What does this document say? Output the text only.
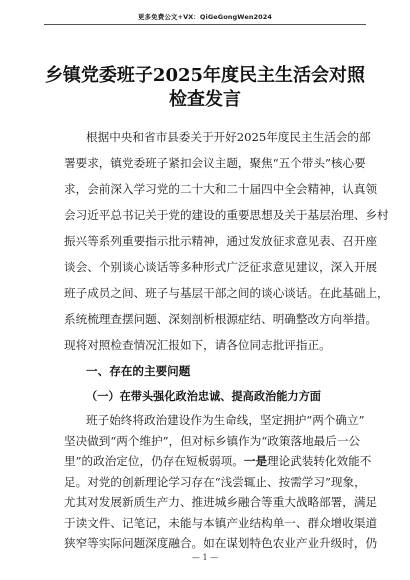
更多免费公文+VX：QiGeGongWen2024
乡镇党委班子2025年度民主生活会对照
检查发言
根据中央和省市县委关于开好2025年度民主生活会的部
署要求，镇党委班子紧扣会议主题，聚焦“五个带头”核心要
求，会前深入学习党的二十大和二十届四中全会精神，认真领
会习近平总书记关于党的建设的重要思想及关于基层治理、乡村
振兴等系列重要指示批示精神，通过发放征求意见表、召开座
谈会、个别谈心谈话等多种形式广泛征求意见建议，深入开展
班子成员之间、班子与基层干部之间的谈心谈话。在此基础上，
系统梳理查摆问题、深刻剖析根源症结、明确整改方向举措。
现将对照检查情况汇报如下，请各位同志批评指正。
一、存在的主要问题
（一）在带头强化政治忠诚、提高政治能力方面
班子始终将政治建设作为生命线，坚定拥护“两个确立”
坚决做到“两个维护”，但对标乡镇作为“政策落地最后一公
里”的政治定位，仍存在短板弱项。一是理论武装转化效能不
足。对党的创新理论学习存在“浅尝辄止、按需学习”现象，
尤其对发展新质生产力、推进城乡融合等重大战略部署，满足
于读文件、记笔记，未能与本镇产业结构单一、群众增收渠道
狭窄等实际问题深度融合。如在谋划特色农业产业升级时，仍
— 1 —
